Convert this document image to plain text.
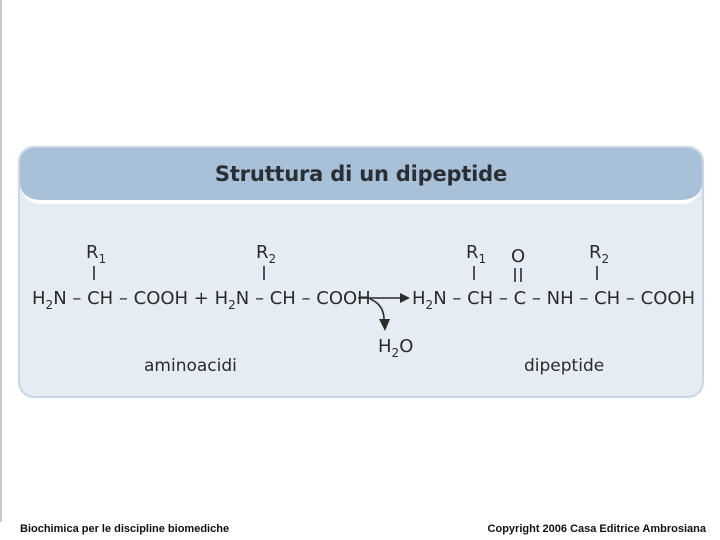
Struttura di un dipeptide
$R_1$	$R_2$
$H_2N$ – CH – COOH + $H_2N$ – CH – COOH
$H_2O$
$R_1$ O	$R_2$
$H_2N$ – CH – C – NH – CH – COOH
aminoacidi	dipeptide
Biochimica per le discipline biomediche	Copyright 2006 Casa Editrice Ambrosiana
